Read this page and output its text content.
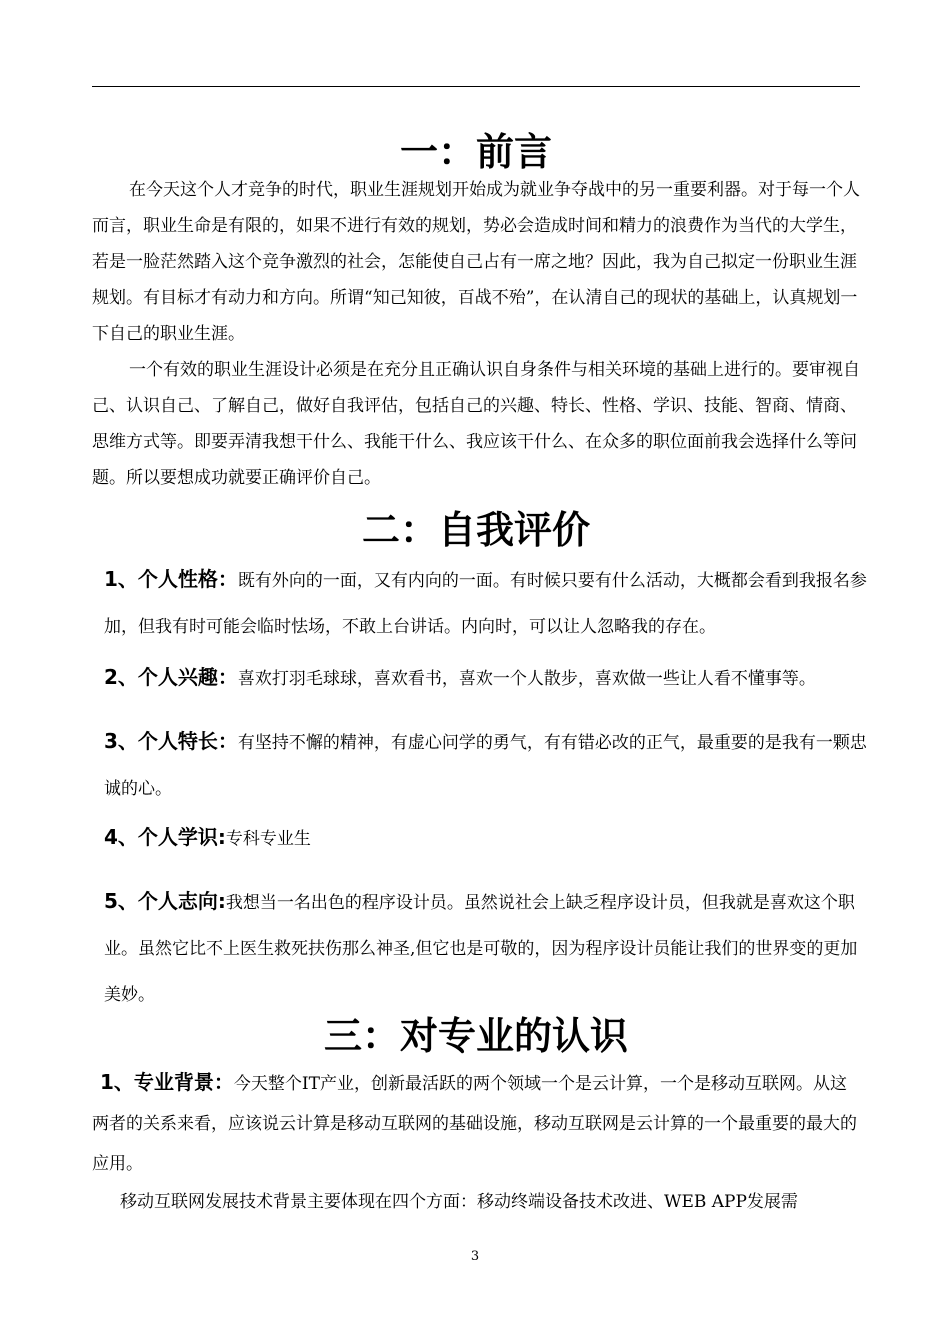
一：前言

在今天这个人才竞争的时代，职业生涯规划开始成为就业争夺战中的另一重要利器。对于每一个人而言，职业生命是有限的，如果不进行有效的规划，势必会造成时间和精力的浪费作为当代的大学生，若是一脸茫然踏入这个竞争激烈的社会，怎能使自己占有一席之地？因此，我为自己拟定一份职业生涯规划。有目标才有动力和方向。所谓“知己知彼，百战不殆”，在认清自己的现状的基础上，认真规划一下自己的职业生涯。

一个有效的职业生涯设计必须是在充分且正确认识自身条件与相关环境的基础上进行的。要审视自己、认识自己、了解自己，做好自我评估，包括自己的兴趣、特长、性格、学识、技能、智商、情商、思维方式等。即要弄清我想干什么、我能干什么、我应该干什么、在众多的职位面前我会选择什么等问题。所以要想成功就要正确评价自己。

二：自我评价

1、个人性格：既有外向的一面，又有内向的一面。有时候只要有什么活动，大概都会看到我报名参加，但我有时可能会临时怯场，不敢上台讲话。内向时，可以让人忽略我的存在。

2、个人兴趣：喜欢打羽毛球球，喜欢看书，喜欢一个人散步，喜欢做一些让人看不懂事等。

3、个人特长：有坚持不懈的精神，有虚心问学的勇气，有有错必改的正气，最重要的是我有一颗忠诚的心。

4、个人学识:专科专业生

5、个人志向:我想当一名出色的程序设计员。虽然说社会上缺乏程序设计员，但我就是喜欢这个职业。虽然它比不上医生救死扶伤那么神圣,但它也是可敬的，因为程序设计员能让我们的世界变的更加美妙。

三：对专业的认识

1、专业背景：今天整个IT产业，创新最活跃的两个领域一个是云计算，一个是移动互联网。从这两者的关系来看，应该说云计算是移动互联网的基础设施，移动互联网是云计算的一个最重要的最大的应用。

移动互联网发展技术背景主要体现在四个方面：移动终端设备技术改进、WEB APP发展需

3
